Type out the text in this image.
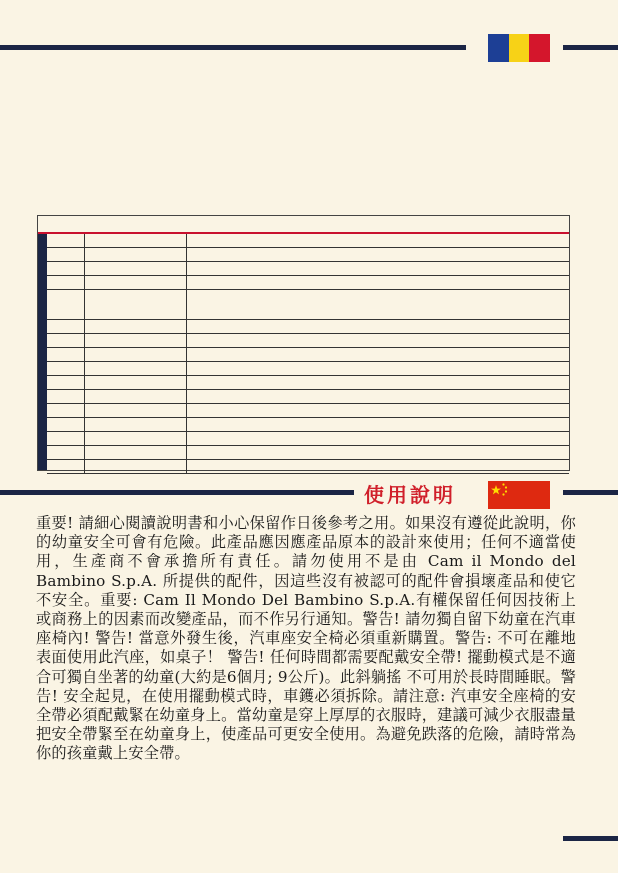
使用說明
重要! 請細心閱讀說明書和小心保留作日後參考之用。如果沒有遵從此說明，你的幼童安全可會有危險。此產品應因應產品原本的設計來使用；任何不適當使用，生產商不會承擔所有責任。請勿使用不是由 Cam il Mondo del Bambino S.p.A. 所提供的配件，因這些沒有被認可的配件會損壞產品和使它不安全。重要: Cam Il Mondo Del Bambino S.p.A.有權保留任何因技術上或商務上的因素而改變產品，而不作另行通知。警告! 請勿獨自留下幼童在汽車座椅內! 警告! 當意外發生後，汽車座安全椅必須重新購置。警告: 不可在離地表面使用此汽座，如桌子！ 警告! 任何時間都需要配戴安全帶! 擺動模式是不適合可獨自坐著的幼童(大約是6個月; 9公斤)。此斜躺搖 不可用於長時間睡眠。警告! 安全起見，在使用擺動模式時，車鑊必須拆除。請注意: 汽車安全座椅的安全帶必須配戴緊在幼童身上。當幼童是穿上厚厚的衣服時，建議可減少衣服盡量把安全帶緊至在幼童身上，使產品可更安全使用。為避免跌落的危險，請時常為你的孩童戴上安全帶。
